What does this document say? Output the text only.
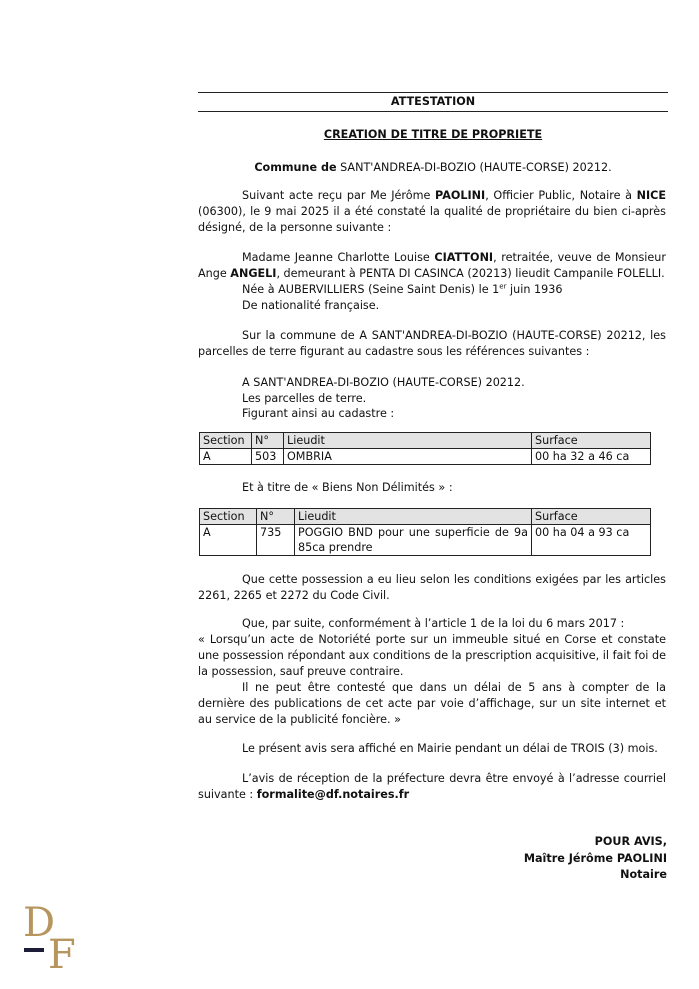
ATTESTATION
CREATION DE TITRE DE PROPRIETE
Commune de SANT'ANDREA-DI-BOZIO (HAUTE-CORSE) 20212.

Suivant acte reçu par Me Jérôme PAOLINI, Officier Public, Notaire à NICE (06300), le 9 mai 2025 il a été constaté la qualité de propriétaire du bien ci-après désigné, de la personne suivante :

Madame Jeanne Charlotte Louise CIATTONI, retraitée, veuve de Monsieur Ange ANGELI, demeurant à PENTA DI CASINCA (20213) lieudit Campanile FOLELLI.

Née à AUBERVILLIERS (Seine Saint Denis) le 1er juin 1936
De nationalité française.

Sur la commune de A SANT'ANDREA-DI-BOZIO (HAUTE-CORSE) 20212, les parcelles de terre figurant au cadastre sous les références suivantes :

A SANT'ANDREA-DI-BOZIO (HAUTE-CORSE) 20212.
Les parcelles de terre.
Figurant ainsi au cadastre :
Section	N°	Lieudit	Surface
A	503	OMBRIA	00 ha 32 a 46 ca
Et à titre de « Biens Non Délimités » :
Section	N°	Lieudit	Surface
A	735	POGGIO BND pour une superficie de 9a 85ca prendre	00 ha 04 a 93 ca

Que cette possession a eu lieu selon les conditions exigées par les articles 2261, 2265 et 2272 du Code Civil.

Que, par suite, conformément à l’article 1 de la loi du 6 mars 2017 :

« Lorsqu’un acte de Notoriété porte sur un immeuble situé en Corse et constate une possession répondant aux conditions de la prescription acquisitive, il fait foi de la possession, sauf preuve contraire.

Il ne peut être contesté que dans un délai de 5 ans à compter de la dernière des publications de cet acte par voie d’affichage, sur un site internet et au service de la publicité foncière. »

Le présent avis sera affiché en Mairie pendant un délai de TROIS (3) mois.

L’avis de réception de la préfecture devra être envoyé à l’adresse courriel suivante : formalite@df.notaires.fr

POUR AVIS,
Maître Jérôme PAOLINI
Notaire
D
F
